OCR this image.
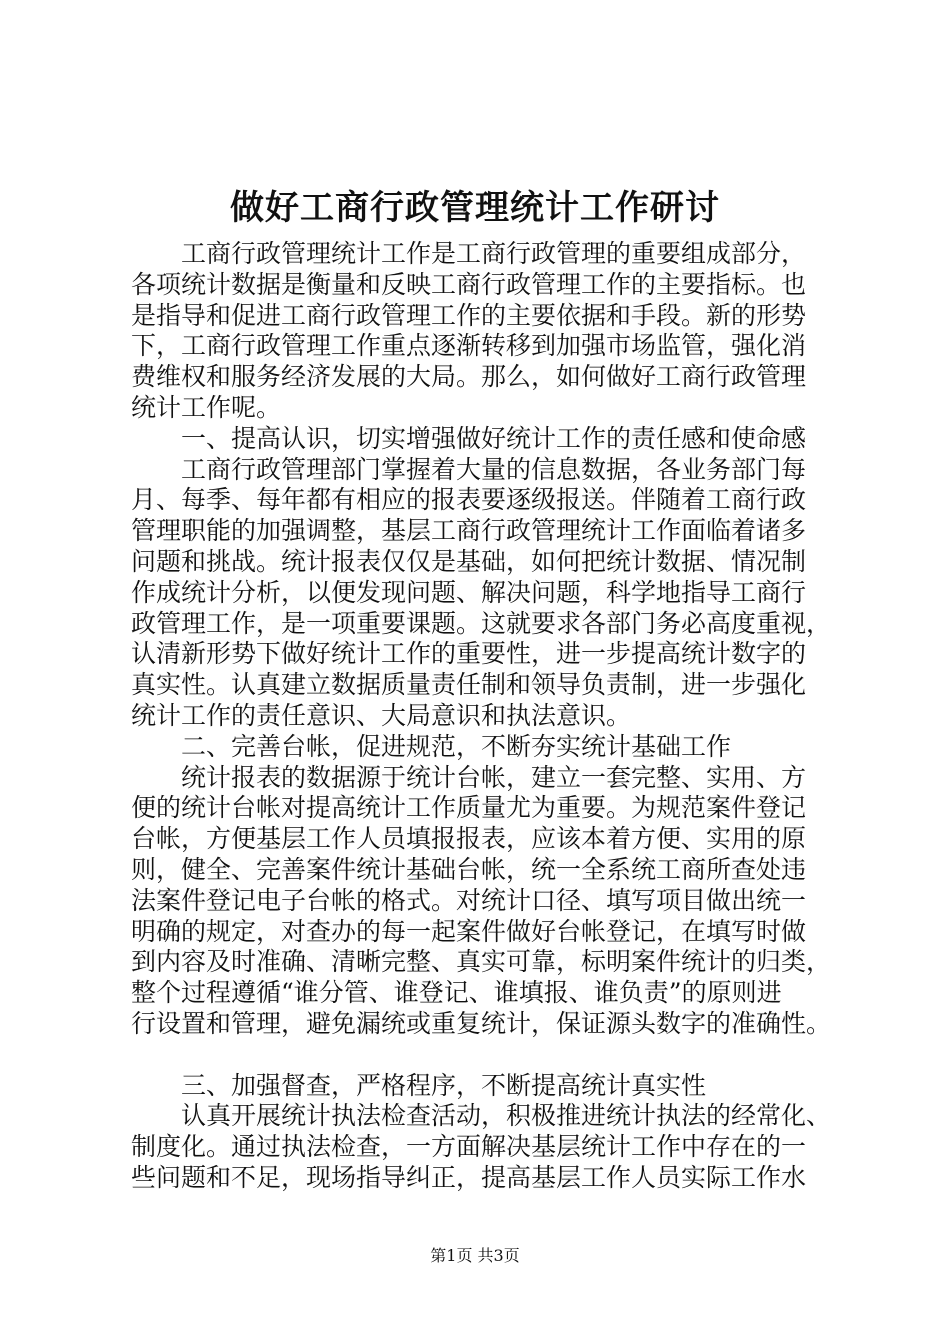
做好工商行政管理统计工作研讨
　　工商行政管理统计工作是工商行政管理的重要组成部分，
各项统计数据是衡量和反映工商行政管理工作的主要指标。也
是指导和促进工商行政管理工作的主要依据和手段。新的形势
下，工商行政管理工作重点逐渐转移到加强市场监管，强化消
费维权和服务经济发展的大局。那么，如何做好工商行政管理
统计工作呢。
　　一、提高认识，切实增强做好统计工作的责任感和使命感
　　工商行政管理部门掌握着大量的信息数据，各业务部门每
月、每季、每年都有相应的报表要逐级报送。伴随着工商行政
管理职能的加强调整，基层工商行政管理统计工作面临着诸多
问题和挑战。统计报表仅仅是基础，如何把统计数据、情况制
作成统计分析，以便发现问题、解决问题，科学地指导工商行
政管理工作，是一项重要课题。这就要求各部门务必高度重视，
认清新形势下做好统计工作的重要性，进一步提高统计数字的
真实性。认真建立数据质量责任制和领导负责制，进一步强化
统计工作的责任意识、大局意识和执法意识。
　　二、完善台帐，促进规范，不断夯实统计基础工作
　　统计报表的数据源于统计台帐，建立一套完整、实用、方
便的统计台帐对提高统计工作质量尤为重要。为规范案件登记
台帐，方便基层工作人员填报报表，应该本着方便、实用的原
则，健全、完善案件统计基础台帐，统一全系统工商所查处违
法案件登记电子台帐的格式。对统计口径、填写项目做出统一
明确的规定，对查办的每一起案件做好台帐登记，在填写时做
到内容及时准确、清晰完整、真实可靠，标明案件统计的归类，
整个过程遵循“谁分管、谁登记、谁填报、谁负责”的原则进
行设置和管理，避免漏统或重复统计，保证源头数字的准确性。
　　三、加强督查，严格程序，不断提高统计真实性
　　认真开展统计执法检查活动，积极推进统计执法的经常化、
制度化。通过执法检查，一方面解决基层统计工作中存在的一
些问题和不足，现场指导纠正，提高基层工作人员实际工作水
第1页 共3页
